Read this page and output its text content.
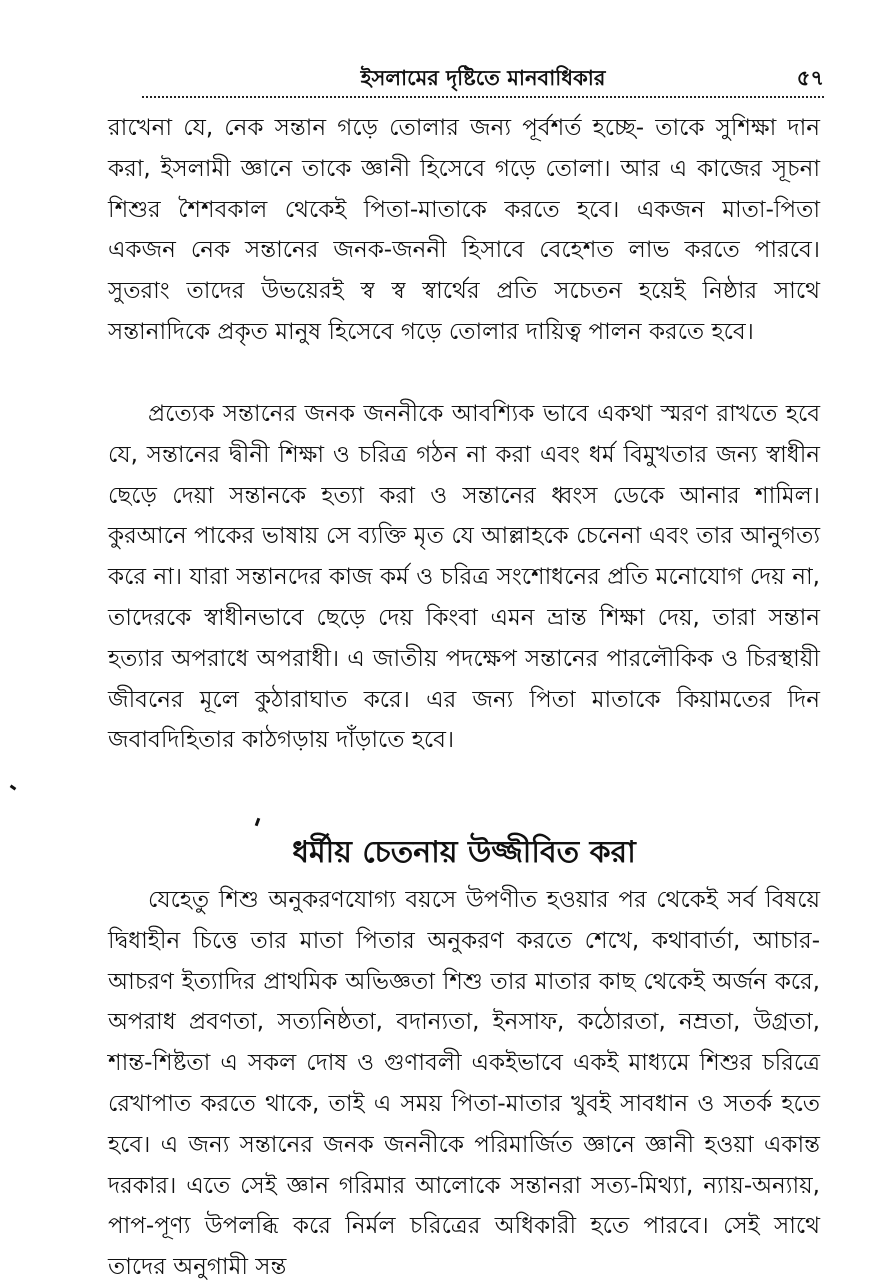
ইসলামের দৃষ্টিতে মানবাধিকার	৫৭

রাখেনা যে, নেক সন্তান গড়ে তোলার জন্য পূর্বশর্ত হচ্ছে- তাকে সুশিক্ষা দান করা, ইসলামী জ্ঞানে তাকে জ্ঞানী হিসেবে গড়ে তোলা। আর এ কাজের সূচনা শিশুর শৈশবকাল থেকেই পিতা-মাতাকে করতে হবে। একজন মাতা-পিতা একজন নেক সন্তানের জনক-জননী হিসাবে বেহেশত লাভ করতে পারবে। সুতরাং তাদের উভয়েরই স্ব স্ব স্বার্থের প্রতি সচেতন হয়েই নিষ্ঠার সাথে সন্তানাদিকে প্রকৃত মানুষ হিসেবে গড়ে তোলার দায়িত্ব পালন করতে হবে।

প্রত্যেক সন্তানের জনক জননীকে আবশ্যিক ভাবে একথা স্মরণ রাখতে হবে যে, সন্তানের দ্বীনী শিক্ষা ও চরিত্র গঠন না করা এবং ধর্ম বিমুখতার জন্য স্বাধীন ছেড়ে দেয়া সন্তানকে হত্যা করা ও সন্তানের ধ্বংস ডেকে আনার শামিল। কুরআনে পাকের ভাষায় সে ব্যক্তি মৃত যে আল্লাহকে চেনেনা এবং তার আনুগত্য করে না। যারা সন্তানদের কাজ কর্ম ও চরিত্র সংশোধনের প্রতি মনোযোগ দেয় না, তাদেরকে স্বাধীনভাবে ছেড়ে দেয় কিংবা এমন ভ্রান্ত শিক্ষা দেয়, তারা সন্তান হত্যার অপরাধে অপরাধী। এ জাতীয় পদক্ষেপ সন্তানের পারলৌকিক ও চিরস্থায়ী জীবনের মূলে কুঠারাঘাত করে। এর জন্য পিতা মাতাকে কিয়ামতের দিন জবাবদিহিতার কাঠগড়ায় দাঁড়াতে হবে।

ধর্মীয় চেতনায় উজ্জীবিত করা

যেহেতু শিশু অনুকরণযোগ্য বয়সে উপণীত হওয়ার পর থেকেই সর্ব বিষয়ে দ্বিধাহীন চিত্তে তার মাতা পিতার অনুকরণ করতে শেখে, কথাবার্তা, আচার-আচরণ ইত্যাদির প্রাথমিক অভিজ্ঞতা শিশু তার মাতার কাছ থেকেই অর্জন করে, অপরাধ প্রবণতা, সত্যনিষ্ঠতা, বদান্যতা, ইনসাফ, কঠোরতা, নম্রতা, উগ্রতা, শান্ত-শিষ্টতা এ সকল দোষ ও গুণাবলী একইভাবে একই মাধ্যমে শিশুর চরিত্রে রেখাপাত করতে থাকে, তাই এ সময় পিতা-মাতার খুবই সাবধান ও সতর্ক হতে হবে। এ জন্য সন্তানের জনক জননীকে পরিমার্জিত জ্ঞানে জ্ঞানী হওয়া একান্ত দরকার। এতে সেই জ্ঞান গরিমার আলোকে সন্তানরা সত্য-মিথ্যা, ন্যায়-অন্যায়, পাপ-পূণ্য উপলব্ধি করে নির্মল চরিত্রের অধিকারী হতে পারবে। সেই সাথে তাদের অনুগামী সন্ত
